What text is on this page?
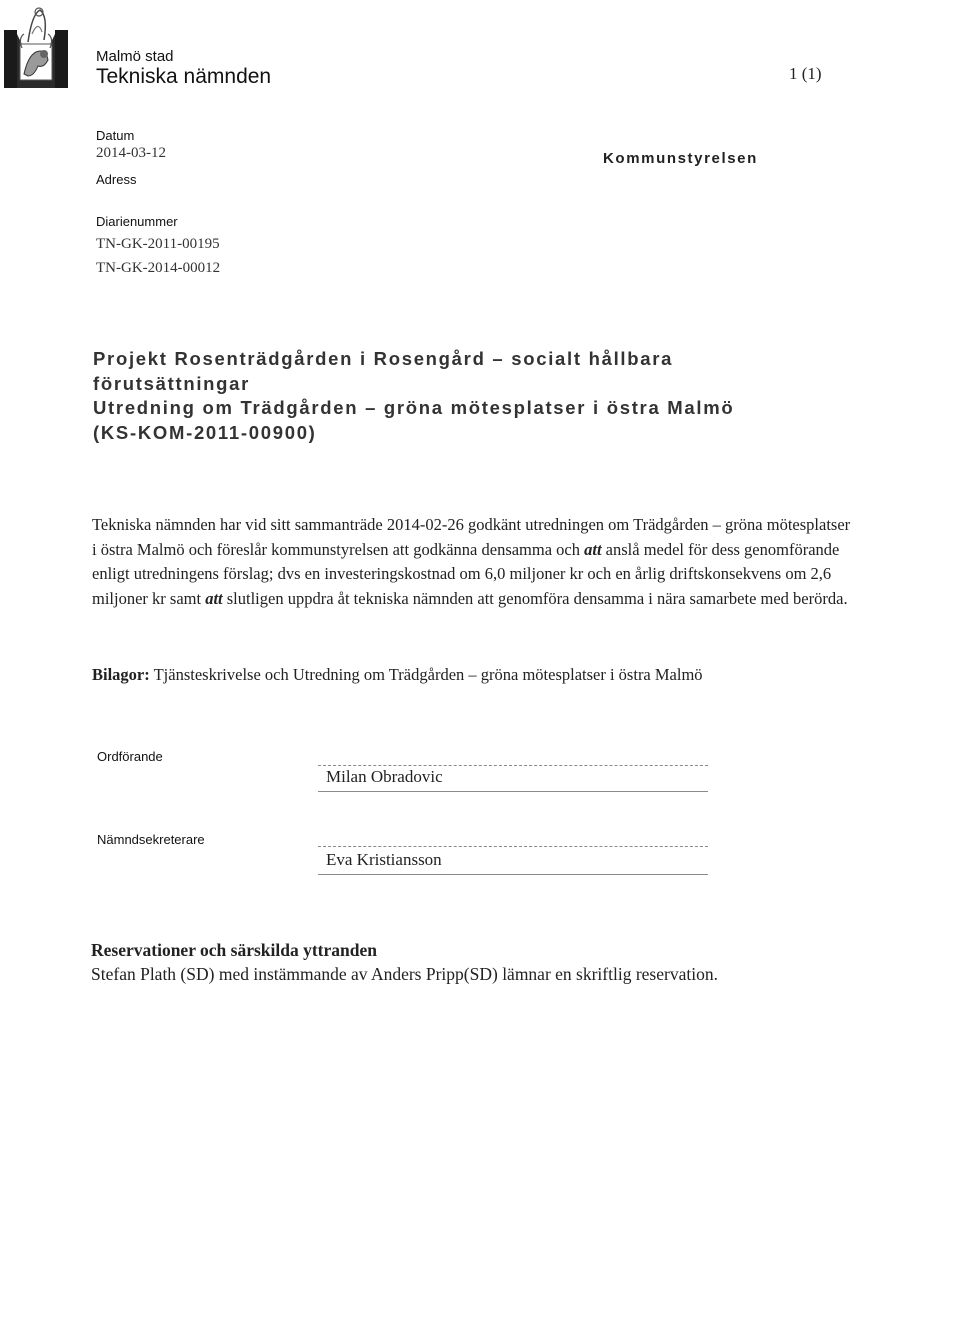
Malmö stad
Tekniska nämnden	1 (1)
Datum
2014-03-12
Adress
Kommunstyrelsen
Diarienummer
TN-GK-2011-00195
TN-GK-2014-00012
Projekt Rosenträdgården i Rosengård – socialt hållbara
förutsättningar
Utredning om Trädgården – gröna mötesplatser i östra Malmö
(KS-KOM-2011-00900)
Tekniska nämnden har vid sitt sammanträde 2014-02-26 godkänt utredningen om Trädgården – gröna mötesplatser i östra Malmö och föreslår kommunstyrelsen att godkänna densamma och att anslå medel för dess genomförande enligt utredningens förslag; dvs en investeringskostnad om 6,0 miljoner kr och en årlig driftskonsekvens om 2,6 miljoner kr samt att slutligen uppdra åt tekniska nämnden att genomföra densamma i nära samarbete med berörda.
Bilagor: Tjänsteskrivelse och Utredning om Trädgården – gröna mötesplatser i östra Malmö
Ordförande
Milan Obradovic
Nämndsekreterare
Eva Kristiansson
Reservationer och särskilda yttranden
Stefan Plath (SD) med instämmande av Anders Pripp(SD) lämnar en skriftlig reservation.
